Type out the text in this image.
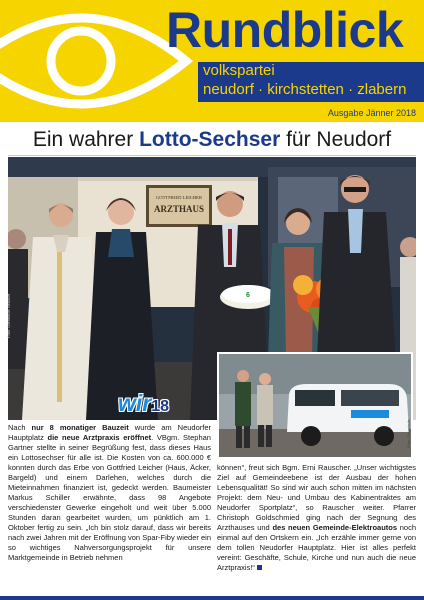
Rundblick
volkspartei
neudorf · kirchstetten · zlabern
Ausgabe Jänner 2018
Ein wahrer Lotto-Sechser für Neudorf
GOTTFRIED LEICHER
ARZTHAUS
6
Foto: Gemeinde Neudorf
wir18
Foto: Gemeinde
Nach nur 8 monatiger Bauzeit wurde am Neudorfer Hauptplatz die neue Arztpraxis eröffnet. VBgm. Stephan Gartner stellte in seiner Begrüßung fest, dass dieses Haus ein Lottosechser für alle ist. Die Kosten von ca. 600.000 € konnten durch das Erbe von Gottfried Leicher (Haus, Äcker, Bargeld) und einem Darlehen, welches durch die Mieteinnahmen finanziert ist, gedeckt werden. Baumeister Markus Schiller erwähnte, dass 98 Angebote verschiedenster Gewerke eingeholt und weit über 5.000 Stunden daran gearbeitet wurden, um pünktlich am 1. Oktober fertig zu sein. „Ich bin stolz darauf, dass wir bereits nach zwei Jahren mit der Eröffnung von Spar-Fiby wieder ein so wichtiges Nahversorgungsprojekt für unsere Marktgemeinde in Betrieb nehmen
können“, freut sich Bgm. Erni Rauscher. „Unser wichtigstes Ziel auf Gemeindeebene ist der Ausbau der hohen Lebensqualität! So sind wir auch schon mitten im nächsten Projekt: dem Neu- und Umbau des Kabinentraktes am Neudorfer Sportplatz“, so Rauscher weiter. Pfarrer Christoph Goldschmied ging nach der Segnung des Arzthauses und des neuen Gemeinde-Elektroautos noch einmal auf den Ortskern ein. „Ich erzähle immer gerne von dem tollen Neudorfer Hauptplatz. Hier ist alles perfekt vereint: Geschäfte, Schule, Kirche und nun auch die neue Arztpraxis!“
